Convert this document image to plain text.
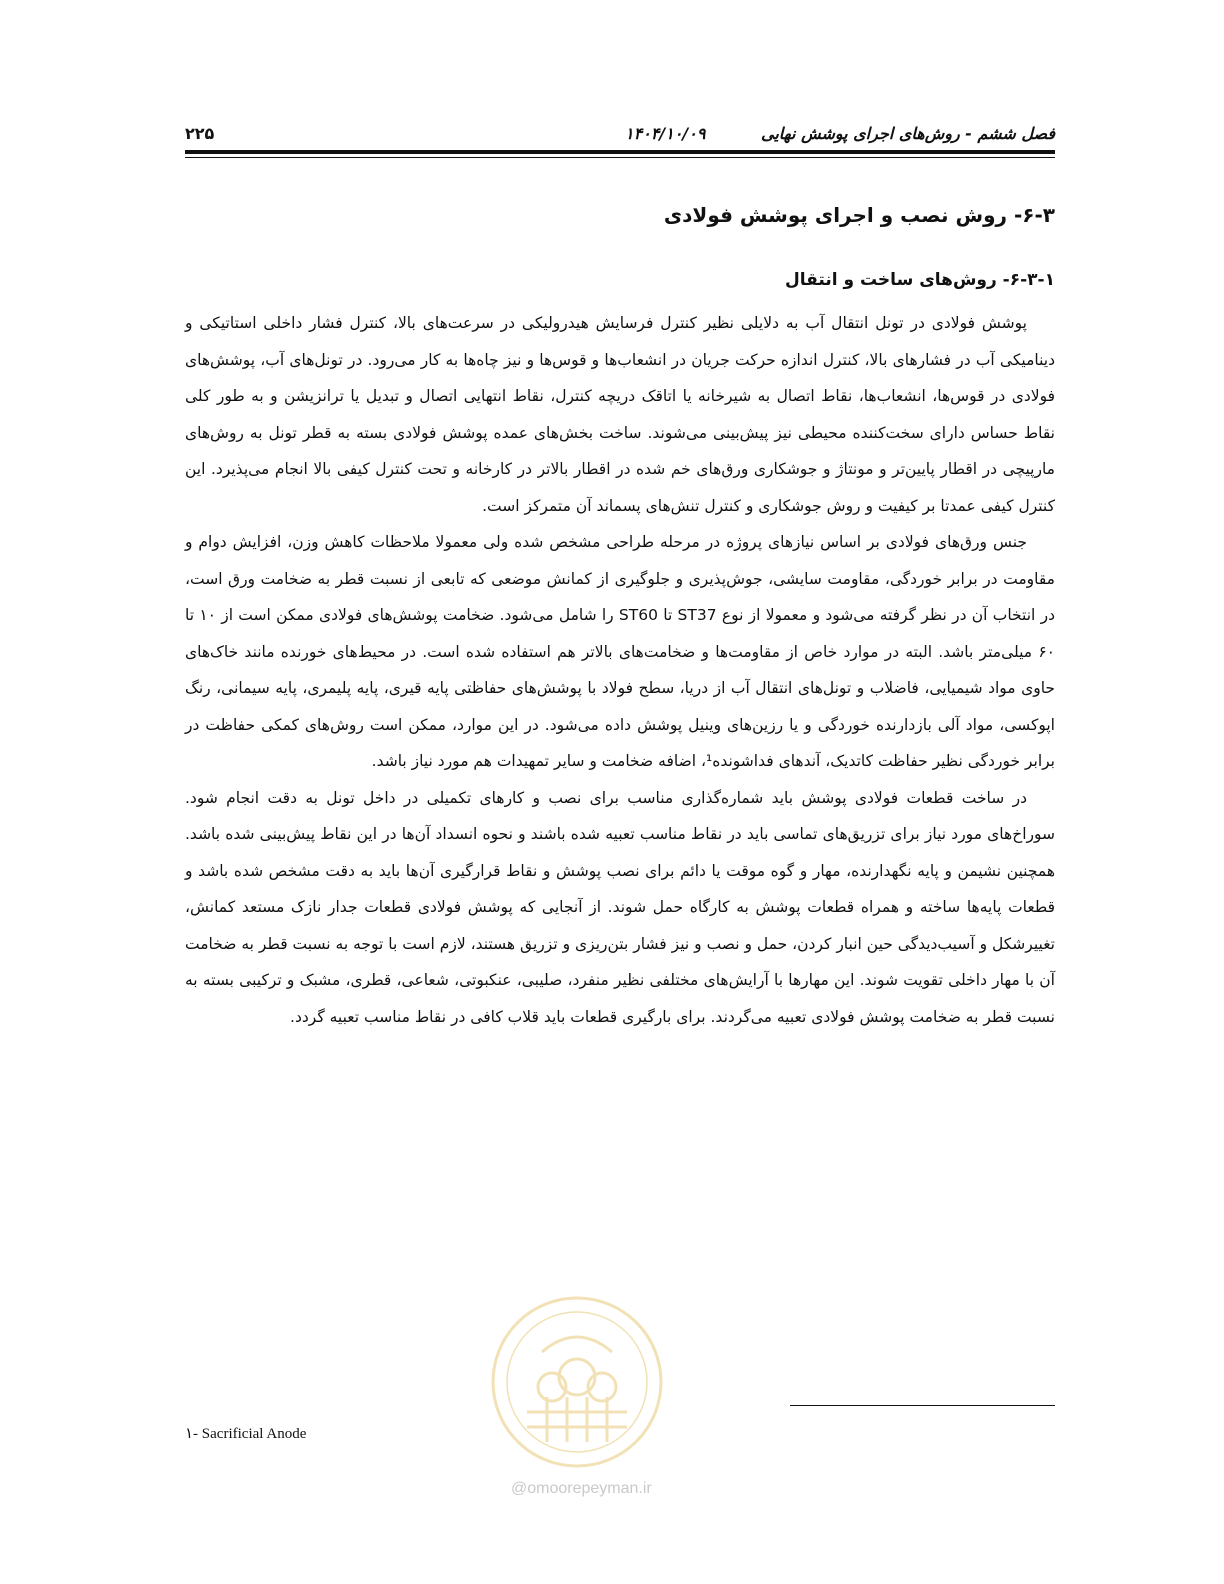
۲۲۵	۱۴۰۴/۱۰/۰۹	فصل ششم - روش‌های اجرای پوشش نهایی
۶-۳- روش نصب و اجرای پوشش فولادی
۶-۳-۱- روش‌های ساخت و انتقال

پوشش فولادی در تونل انتقال آب به دلایلی نظیر کنترل فرسایش هیدرولیکی در سرعت‌های بالا، کنترل فشار داخلی استاتیکی و دینامیکی آب در فشارهای بالا، کنترل اندازه حرکت جریان در انشعاب‌ها و قوس‌ها و نیز چاه‌ها به کار می‌رود. در تونل‌های آب، پوشش‌های فولادی در قوس‌ها، انشعاب‌ها، نقاط اتصال به شیرخانه یا اتاقک دریچه کنترل، نقاط انتهایی اتصال و تبدیل یا ترانزیشن و به طور کلی نقاط حساس دارای سخت‌کننده محیطی نیز پیش‌بینی می‌شوند. ساخت بخش‌های عمده پوشش فولادی بسته به قطر تونل به روش‌های مارپیچی در اقطار پایین‌تر و مونتاژ و جوشکاری ورق‌های خم شده در اقطار بالاتر در کارخانه و تحت کنترل کیفی بالا انجام می‌پذیرد. این کنترل کیفی عمدتا بر کیفیت و روش جوشکاری و کنترل تنش‌های پسماند آن متمرکز است.

جنس ورق‌های فولادی بر اساس نیازهای پروژه در مرحله طراحی مشخص شده ولی معمولا ملاحظات کاهش وزن، افزایش دوام و مقاومت در برابر خوردگی، مقاومت سایشی، جوش‌پذیری و جلوگیری از کمانش موضعی که تابعی از نسبت قطر به ضخامت ورق است، در انتخاب آن در نظر گرفته می‌شود و معمولا از نوع ST37 تا ST60 را شامل می‌شود. ضخامت پوشش‌های فولادی ممکن است از ۱۰ تا ۶۰ میلی‌متر باشد. البته در موارد خاص از مقاومت‌ها و ضخامت‌های بالاتر هم استفاده شده است. در محیط‌های خورنده مانند خاک‌های حاوی مواد شیمیایی، فاضلاب و تونل‌های انتقال آب از دریا، سطح فولاد با پوشش‌های حفاظتی پایه قیری، پایه پلیمری، پایه سیمانی، رنگ اپوکسی، مواد آلی بازدارنده خوردگی و یا رزین‌های وینیل پوشش داده می‌شود. در این موارد، ممکن است روش‌های کمکی حفاظت در برابر خوردگی نظیر حفاظت کاتدیک، آندهای فداشونده¹، اضافه ضخامت و سایر تمهیدات هم مورد نیاز باشد.

در ساخت قطعات فولادی پوشش باید شماره‌گذاری مناسب برای نصب و کارهای تکمیلی در داخل تونل به دقت انجام شود. سوراخ‌های مورد نیاز برای تزریق‌های تماسی باید در نقاط مناسب تعبیه شده باشند و نحوه انسداد آن‌ها در این نقاط پیش‌بینی شده باشد. همچنین نشیمن و پایه نگهدارنده، مهار و گوه موقت یا دائم برای نصب پوشش و نقاط قرارگیری آن‌ها باید به دقت مشخص شده باشد و قطعات پایه‌ها ساخته و همراه قطعات پوشش به کارگاه حمل شوند. از آنجایی که پوشش فولادی قطعات جدار نازک مستعد کمانش، تغییرشکل و آسیب‌دیدگی حین انبار کردن، حمل و نصب و نیز فشار بتن‌ریزی و تزریق هستند، لازم است با توجه به نسبت قطر به ضخامت آن با مهار داخلی تقویت شوند. این مهارها با آرایش‌های مختلفی نظیر منفرد، صلیبی، عنکبوتی، شعاعی، قطری، مشبک و ترکیبی بسته به نسبت قطر به ضخامت پوشش فولادی تعبیه می‌گردند. برای بارگیری قطعات باید قلاب کافی در نقاط مناسب تعبیه گردد.

@omoorepeyman.ir
۱- Sacrificial Anode
